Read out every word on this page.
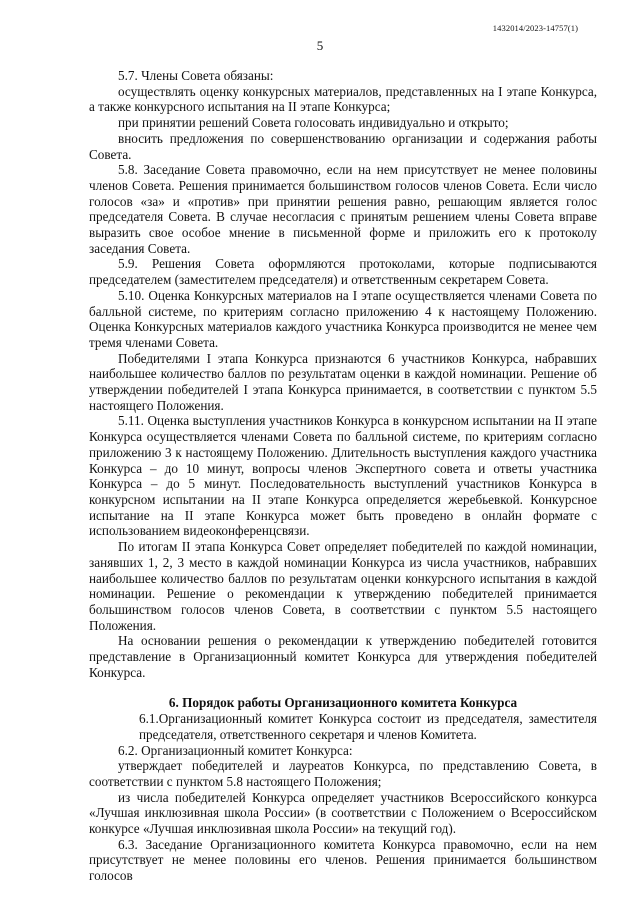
1432014/2023-14757(1)
5

5.7. Члены Совета обязаны:

осуществлять оценку конкурсных материалов, представленных на I этапе Конкурса, а также конкурсного испытания на II этапе Конкурса;

при принятии решений Совета голосовать индивидуально и открыто;

вносить предложения по совершенствованию организации и содержания работы Совета.

5.8. Заседание Совета правомочно, если на нем присутствует не менее половины членов Совета. Решения принимается большинством голосов членов Совета. Если число голосов «за» и «против» при принятии решения равно, решающим является голос председателя Совета. В случае несогласия с принятым решением члены Совета вправе выразить свое особое мнение в письменной форме и приложить его к протоколу заседания Совета.

5.9. Решения Совета оформляются протоколами, которые подписываются председателем (заместителем председателя) и ответственным секретарем Совета.

5.10. Оценка Конкурсных материалов на I этапе осуществляется членами Совета по балльной системе, по критериям согласно приложению 4 к настоящему Положению. Оценка Конкурсных материалов каждого участника Конкурса производится не менее чем тремя членами Совета.

Победителями I этапа Конкурса признаются 6 участников Конкурса, набравших наибольшее количество баллов по результатам оценки в каждой номинации. Решение об утверждении победителей I этапа Конкурса принимается, в соответствии с пунктом 5.5 настоящего Положения.

5.11. Оценка выступления участников Конкурса в конкурсном испытании на II этапе Конкурса осуществляется членами Совета по балльной системе, по критериям согласно приложению 3 к настоящему Положению. Длительность выступления каждого участника Конкурса – до 10 минут, вопросы членов Экспертного совета и ответы участника Конкурса – до 5 минут. Последовательность выступлений участников Конкурса в конкурсном испытании на II этапе Конкурса определяется жеребьевкой. Конкурсное испытание на II этапе Конкурса может быть проведено в онлайн формате с использованием видеоконференцсвязи.

По итогам II этапа Конкурса Совет определяет победителей по каждой номинации, занявших 1, 2, 3 место в каждой номинации Конкурса из числа участников, набравших наибольшее количество баллов по результатам оценки конкурсного испытания в каждой номинации. Решение о рекомендации к утверждению победителей принимается большинством голосов членов Совета, в соответствии с пунктом 5.5 настоящего Положения.

На основании решения о рекомендации к утверждению победителей готовится представление в Организационный комитет Конкурса для утверждения победителей Конкурса.

6. Порядок работы Организационного комитета Конкурса

6.1.Организационный комитет Конкурса состоит из председателя, заместителя председателя, ответственного секретаря и членов Комитета.

6.2. Организационный комитет Конкурса:

утверждает победителей и лауреатов Конкурса, по представлению Совета, в соответствии с пунктом 5.8 настоящего Положения;

из числа победителей Конкурса определяет участников Всероссийского конкурса «Лучшая инклюзивная школа России» (в соответствии с Положением о Всероссийском конкурсе «Лучшая инклюзивная школа России» на текущий год).

6.3. Заседание Организационного комитета Конкурса правомочно, если на нем присутствует не менее половины его членов. Решения принимается большинством голосов
